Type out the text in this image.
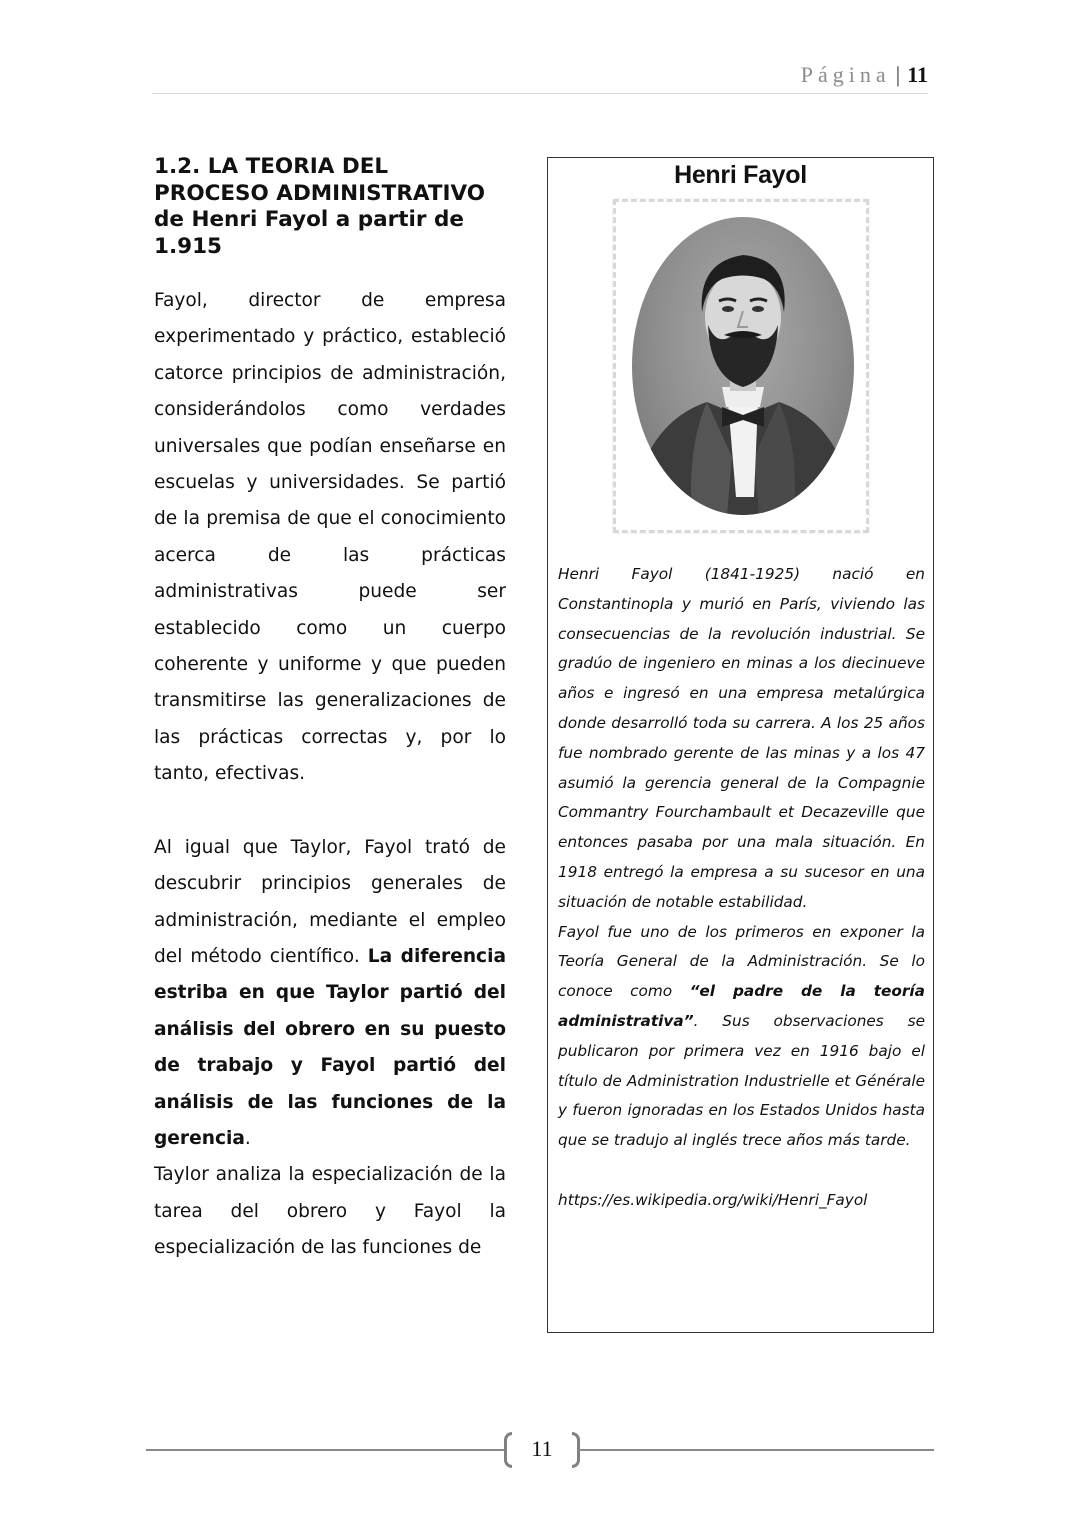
Página | 11
1.2. LA TEORIA DEL
PROCESO ADMINISTRATIVO
de Henri Fayol a partir de
1.915

Fayol, director de empresa experimentado y práctico, estableció catorce principios de administración, considerándolos como verdades universales que podían enseñarse en escuelas y universidades. Se partió de la premisa de que el conocimiento acerca de las prácticas administrativas puede ser establecido como un cuerpo coherente y uniforme y que pueden transmitirse las generalizaciones de las prácticas correctas y, por lo tanto, efectivas.

Al igual que Taylor, Fayol trató de descubrir principios generales de administración, mediante el empleo del método científico. La diferencia estriba en que Taylor partió del análisis del obrero en su puesto de trabajo y Fayol partió del análisis de las funciones de la gerencia.

Taylor analiza la especialización de la tarea del obrero y Fayol la especialización de las funciones de

Henri Fayol

Henri Fayol (1841-1925) nació en Constantinopla y murió en París, viviendo las consecuencias de la revolución industrial. Se gradúo de ingeniero en minas a los diecinueve años e ingresó en una empresa metalúrgica donde desarrolló toda su carrera. A los 25 años fue nombrado gerente de las minas y a los 47 asumió la gerencia general de la Compagnie Commantry Fourchambault et Decazeville que entonces pasaba por una mala situación. En 1918 entregó la empresa a su sucesor en una situación de notable estabilidad.

Fayol fue uno de los primeros en exponer la Teoría General de la Administración. Se lo conoce como “el padre de la teoría administrativa”. Sus observaciones se publicaron por primera vez en 1916 bajo el título de Administration Industrielle et Générale y fueron ignoradas en los Estados Unidos hasta que se tradujo al inglés trece años más tarde.

https://es.wikipedia.org/wiki/Henri_Fayol

11
